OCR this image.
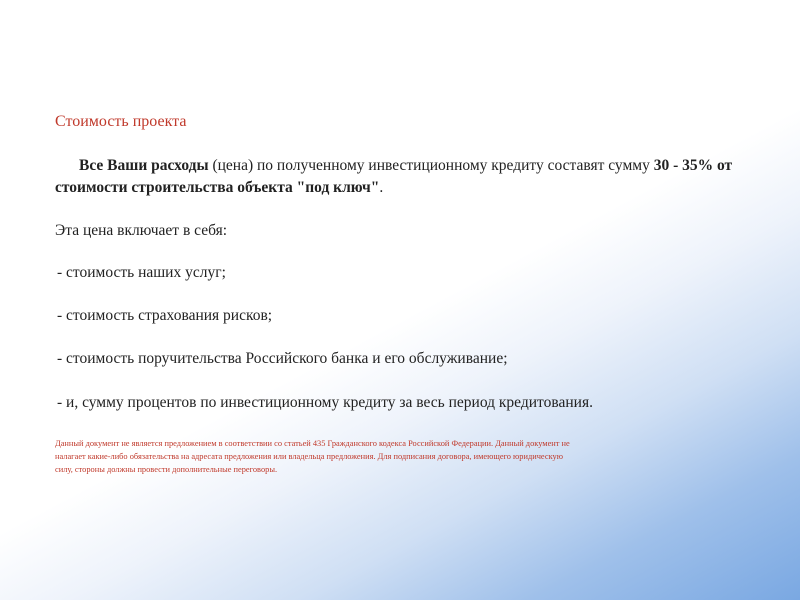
Стоимость проекта

Все Ваши расходы (цена) по полученному инвестиционному кредиту составят сумму 30 - 35% от стоимости строительства объекта "под ключ".

Эта цена включает в себя:

- стоимость наших услуг;

- стоимость страхования рисков;

- стоимость поручительства Российского банка и его обслуживание;

- и, сумму процентов по инвестиционному кредиту за весь период кредитования.

Данный документ не является предложением в соответствии со статьей 435 Гражданского кодекса Российской Федерации. Данный документ не налагает какие-либо обязательства на адресата предложения или владельца предложения. Для подписания договора, имеющего юридическую силу, стороны должны провести дополнительные переговоры.
